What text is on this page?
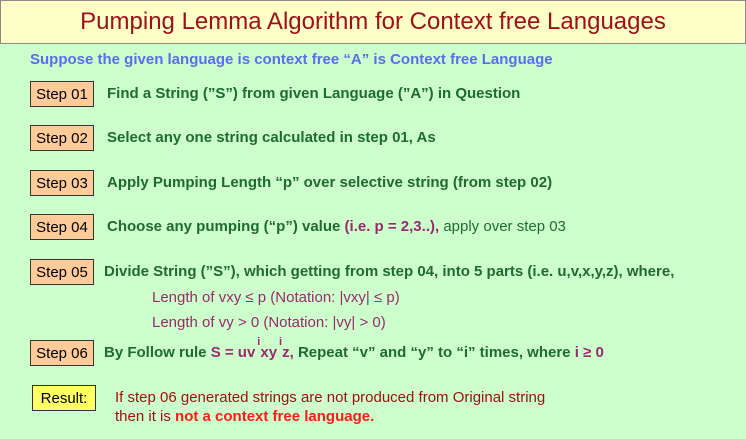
Pumping Lemma Algorithm for Context free Languages
Suppose the given language is context free “A” is Context free Language
Step 01	Find a String (”S”) from given Language (”A”) in Question
Step 02	Select any one string calculated in step 01, As
Step 03	Apply Pumping Length “p” over selective string (from step 02)
Step 04	Choose any pumping (“p”) value (i.e. p = 2,3..), apply over step 03
Step 05	Divide String (”S”), which getting from step 04, into 5 parts (i.e. u,v,x,y,z), where,
Length of vxy ≤ p (Notation: |vxy| ≤ p)
Length of vy > 0 (Notation: |vy| > 0)
Step 06	By Follow rule $S = uv^ixy^iz$, Repeat “v” and “y” to “i” times, where i ≥ 0
Result:	If step 06 generated strings are not produced from Original string
then it is not a context free language.
